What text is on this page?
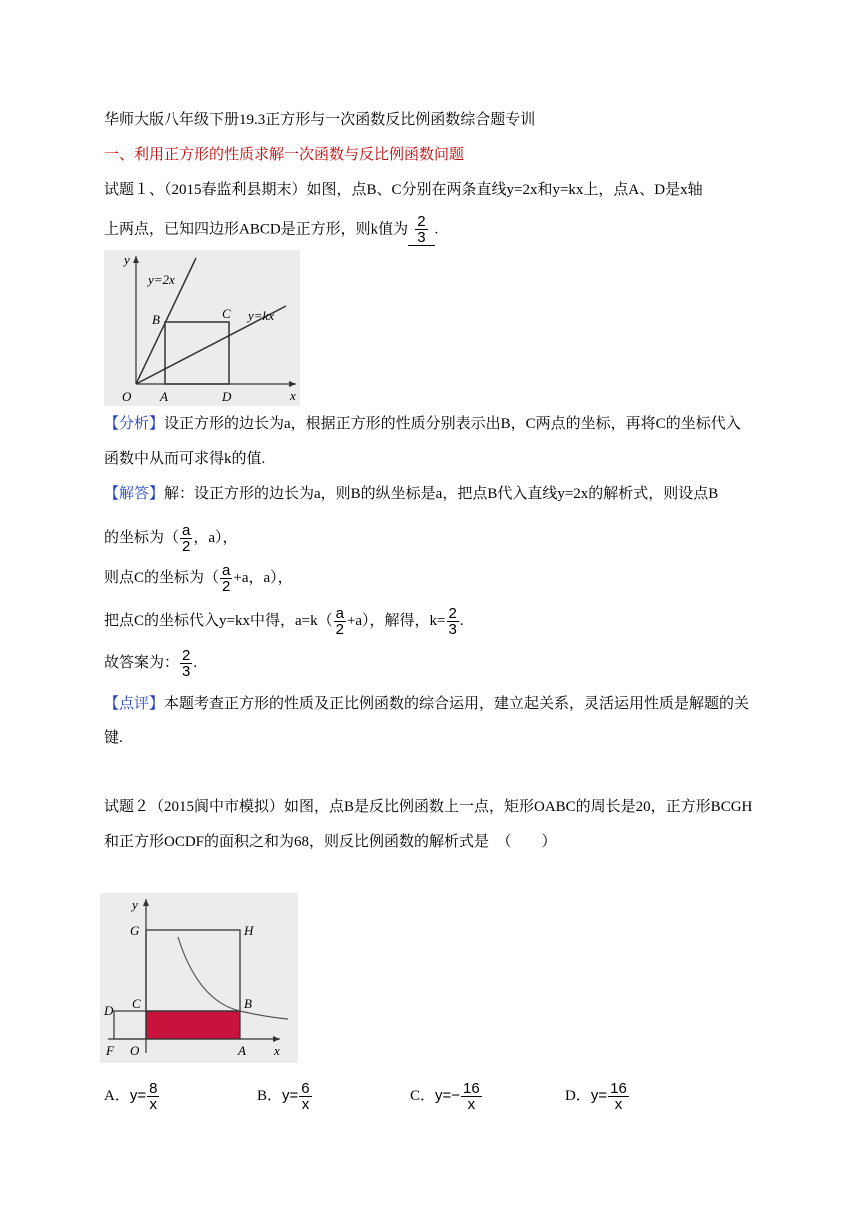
华师大版八年级下册19.3正方形与一次函数反比例函数综合题专训
一、利用正方形的性质求解一次函数与反比例函数问题
试题１、（2015春监利县期末）如图，点B、C分别在两条直线y=2x和y=kx上，点A、D是x轴
上两点，已知四边形ABCD是正方形，则k值为 $\frac{2}{3}$ .
y
x
y=2x
y=kx
O A	D
B	C
【分析】设正方形的边长为a，根据正方形的性质分别表示出B，C两点的坐标，再将C的坐标代入
函数中从而可求得k的值.
【解答】解：设正方形的边长为a，则B的纵坐标是a，把点B代入直线y=2x的解析式，则设点B
的坐标为（ $\frac{a}{2}$ ，a），
则点C的坐标为（ $\frac{a}{2} +a$，a），
把点C的坐标代入y=kx中得，$a=k( \frac{a}{2} +a)$，解得，$k= \frac{2}{3}$ .
故答案为： $\frac{2}{3}$ .
【点评】本题考查正方形的性质及正比例函数的综合运用，建立起关系，灵活运用性质是解题的关
键.
试题２（2015阆中市模拟）如图，点B是反比例函数上一点，矩形OABC的周长是20，正方形BCGH
和正方形OCDF的面积之和为68，则反比例函数的解析式是　（　　）
y
x
G	H
C	B
D
F O	A
A．$y= \frac{8}{x}$	B．$y= \frac{6}{x}$	C．$y=- \frac{16}{x}$	D．$y= \frac{16}{x}$
